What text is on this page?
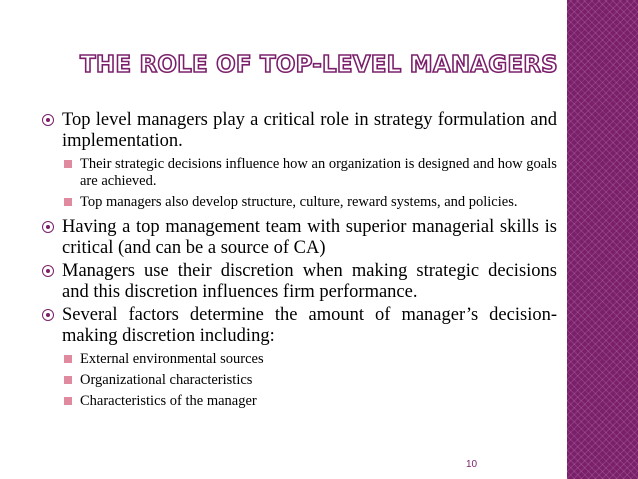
THE ROLE OF TOP-LEVEL MANAGERS
Top level managers play a critical role in strategy formulation and implementation.
Their strategic decisions influence how an organization is designed and how goals are achieved.
Top managers also develop structure, culture, reward systems, and policies.
Having a top management team with superior managerial skills is critical (and can be a source of CA)
Managers use their discretion when making strategic decisions and this discretion influences firm performance.
Several factors determine the amount of manager’s decision-making discretion including:
External environmental sources
Organizational characteristics
Characteristics of the manager
10
